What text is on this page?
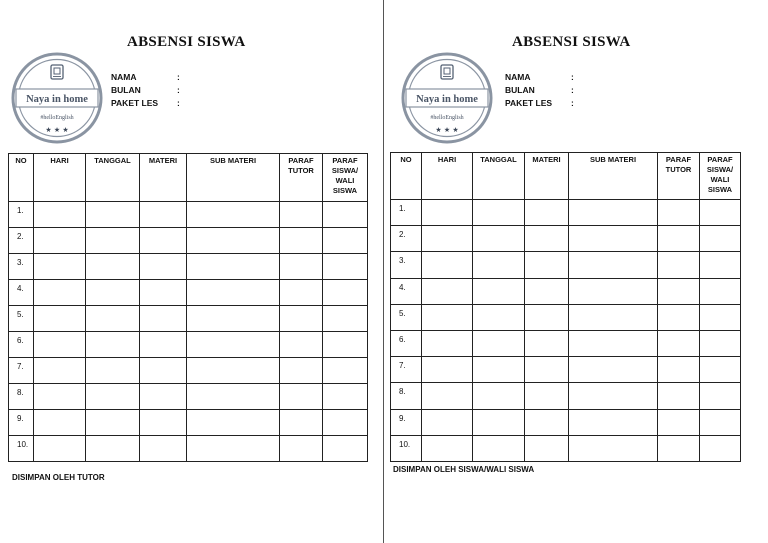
ABSENSI SISWA
Naya in home
#helloEnglish
★ ★ ★
NAMA	:
BULAN	:
PAKET LES	:
NO	HARI	TANGGAL	MATERI	SUB MATERI	PARAF TUTOR	PARAF SISWA/ WALI SISWA
1.						
2.						
3.						
4.						
5.						
6.						
7.						
8.						
9.						
10.						
DISIMPAN OLEH TUTOR
ABSENSI SISWA
Naya in home
#helloEnglish
★ ★ ★
NAMA	:
BULAN	:
PAKET LES	:
NO	HARI	TANGGAL	MATERI	SUB MATERI	PARAF TUTOR	PARAF SISWA/ WALI SISWA
1.						
2.						
3.						
4.						
5.						
6.						
7.						
8.						
9.						
10.						
DISIMPAN OLEH SISWA/WALI SISWA
